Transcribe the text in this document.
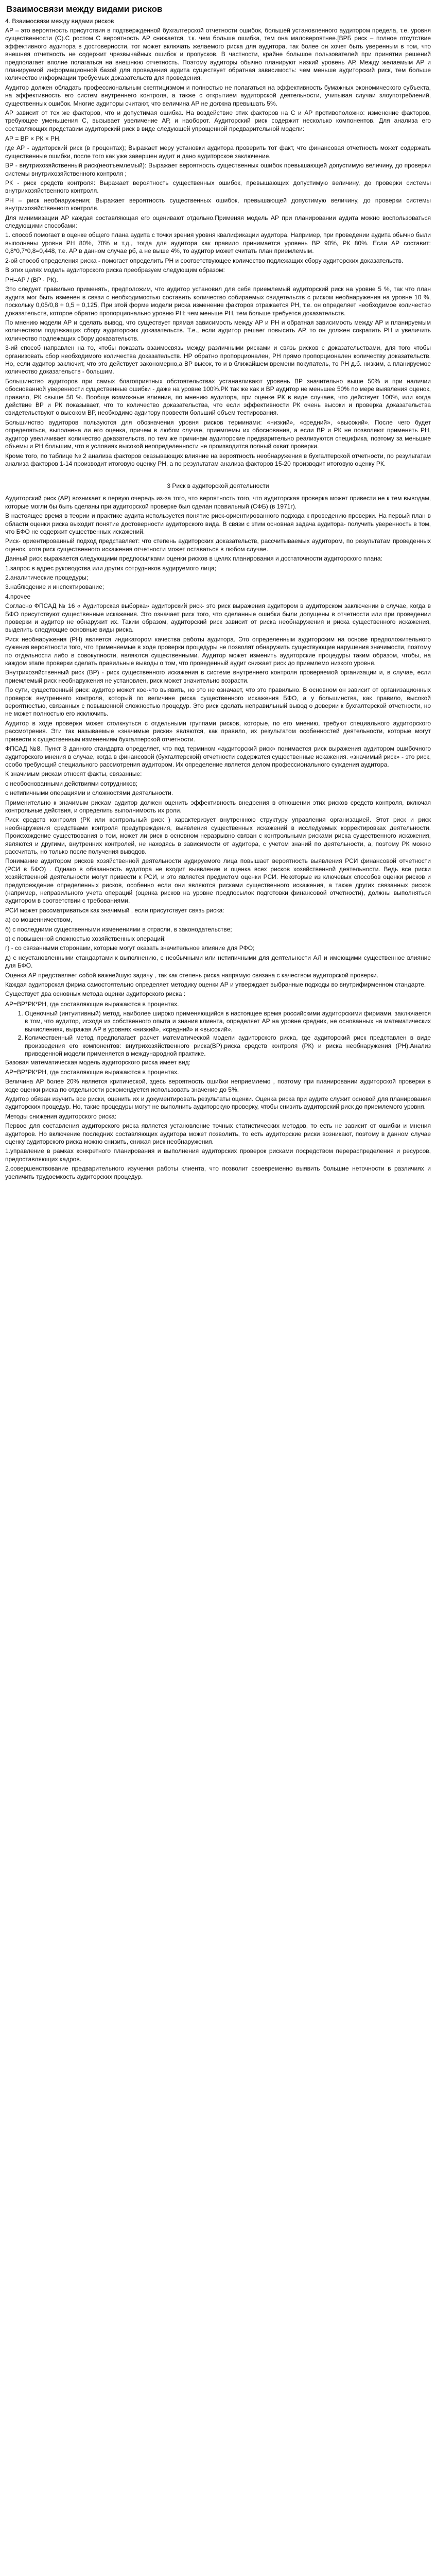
Взаимосвязи между видами рисков
4. Взаимосвязи между видами рисков
АР – это вероятность присутствия в подтвержденной бухгалтерской отчетности ошибок, большей установленного аудитором предела, т.е. уровня существенности (С).С ростом С вероятность АР снижается, т.к. чем больше ошибка, тем она маловероятнее.[ВРБ риск – полное отсутствие эффективного аудитора в достоверности, тот может включать желаемого риска для аудитора, так более он хочет быть уверенным в том, что внешняя отчетность не содержит чрезвычайных ошибок и пропусков. В частности, крайне большое пользователей при принятии решений предполагает вполне полагаться на внешнюю отчетность. Поэтому аудиторы обычно планируют низкий уровень АР. Между желаемым АР и планируемой информационной базой для проведения аудита существует обратная зависимость: чем меньше аудиторский риск, тем больше количество информации требуемых доказательств для проведения.
Аудитор должен обладать профессиональным скептицизмом и полностью не полагаться на эффективность бумажных экономического субъекта, на эффективность его систем внутреннего контроля, а также с открытием аудиторской деятельности, учитывая случаи злоупотреблений, существенных ошибок. Многие аудиторы считают, что величина АР не должна превышать 5%.
АР зависит от тех же факторов, что и допустимая ошибка. На воздействие этих факторов на С и АР противоположно: изменение факторов, требующее уменьшения С, вызывает увеличение АР, и наоборот. Аудиторский риск содержит несколько компонентов. Для анализа его составляющих представим аудиторский риск в виде следующей упрощенной предварительной модели:
АР = ВР × РК × РН.
где АР - аудиторский риск (в процентах); Выражает меру установки аудитора проверить тот факт, что финансовая отчетность может содержать существенные ошибки, после того как уже завершен аудит и дано аудиторское заключение.
ВР - внутрихозяйственный риск(неотъемлемый): Выражает вероятность существенных ошибок превышающей допустимую величину, до проверки системы внутрихозяйственного контроля ;
РК - риск средств контроля: Выражает вероятность существенных ошибок, превышающих допустимую величину, до проверки системы внутрихозяйственного контроля.
РН – риск необнаружения; Выражает вероятность существенных ошибок, превышающей допустимую величину, до проверки системы внутрихозяйственного контроля.
Для минимизации АР каждая составляющая его оценивают отдельно.Применяя модель АР при планировании аудита можно воспользоваться следующими способами:
1. способ помогает в оценке общего плана аудита с точки зрения уровня квалификации аудитора. Например, при проведении аудита обычно были выполнены уровни РН 80%, 70% и т.д., тогда для аудитора как правило принимается уровень ВР 90%, РК 80%. Если АР составит: 0,8*0,7*0,8=0,448, т.е. АР в данном случае рб, а не выше 4%, то аудитор может считать план приемлемым.
2-ой способ определения риска - помогает определить РН и соответствующее количество подлежащих сбору аудиторских доказательств.
В этих целях модель аудиторского риска преобразуем следующим образом:
РН=АР / (ВР · РК).
Это следует правильно применять, предположим, что аудитор установил для себя приемлемый аудиторский риск на уровне 5 %, так что план аудита мог быть изменен в связи с необходимостью составить количество собираемых свидетельств с риском необнаружения на уровне 10 %, поскольку 0,05/0,8 ÷ 0,5 ÷ 0,125, При этой форме модели риска изменение факторов отражается РН, т.е. он определяет необходимое количество доказательств, которое обратно пропорционально уровню РН: чем меньше РН, тем больше требуется доказательств.
По мнению модели АР и сделать вывод, что существует прямая зависимость между АР и РН и обратная зависимость между АР и планируемым количеством подлежащих сбору аудиторских доказательств. Т.е., если аудитор решает повысить АР, то он должен сократить РН и увеличить количество подлежащих сбору доказательств.
3-ий способ направлен на то, чтобы показать взаимосвязь между различными рисками и связь рисков с доказательствами, для того чтобы организовать сбор необходимого количества доказательств. НР обратно пропорционален, РН прямо пропорционален количеству доказательств. Но, если аудитор заключит, что это действует закономерно,а ВР высок, то и в ближайшем времени покупатель, то РН д.б. низким, а планируемое количество доказательств - большим.
Большинство аудиторов при самых благоприятных обстоятельствах устанавливают уровень ВР значительно выше 50% и при наличии обоснованной уверенности существенные ошибки - даже на уровне 100%.РК так же как и ВР аудитор не меньшее 50% по мере выявления оценок, правило, РК свыше 50 %. Вообще возможные влияния, по мнению аудитора, при оценке РК в виде случаев, что действует 100%, или когда действие ВР и РК показывает, что то количество доказательства, что если эффективности РК очень высоки и проверка доказательства свидетельствуют о высоком ВР, необходимо аудитору провести больший объем тестирования.
Большинство аудиторов пользуются для обозначения уровня рисков терминами: «низкий», «средний», «высокий». После чего будет определяться, выполнена ли его оценка, причем в любом случае, приемлемы их обоснования, а если ВР и РК не позволяют применять РН, аудитор увеличивает количество доказательств, по тем же причинам аудиторские предварительно реализуются специфика, поэтому за меньшие объемы и РН большим, что в условиях высокой неопределенности не производится полный охват проверки.
Кроме того, по таблице № 2 анализа факторов оказывающих влияние на вероятность необнаружения в бухгалтерской отчетности, по результатам анализа факторов 1-14 производит итоговую оценку РН, а по результатам анализа факторов 15-20 производит итоговую оценку РК.
3 Риск в аудиторской деятельности
Аудиторский риск (АР) возникает в первую очередь из-за того, что вероятность того, что аудиторская проверка может привести не к тем выводам, которые могли бы быть сделаны при аудиторской проверке был сделан правильный (СФБ) (в 1971г).
В настоящее время в теории и практике аудита используется понятие риск-ориентированного подхода к проведению проверки. На первый план в области оценки риска выходит понятие достоверности аудиторского вида. В связи с этим основная задача аудитора- получить уверенность в том, что БФО не содержит существенных искажений.
Риск- ориентированный подход представляет: что степень аудиторских доказательств, рассчитываемых аудитором, по результатам проведенных оценок, хотя риск существенного искажения отчетности может оставаться в любом случае.
Данный риск выражается следующими предпосылками оценки рисков в целях планирования и достаточности аудиторского плана:
1.запрос в адрес руководства или других сотрудников аудируемого лица;
2.аналитические процедуры;
3.наблюдение и инспектирование;
4.прочее
Согласно ФПСАД № 16 « Аудиторская выборка» аудиторский риск- это риск выражения аудитором в аудиторском заключении в случае, когда в БФО присутствуют существенные искажения. Это означает риск того, что сделанные ошибки были допущены в отчетности или при проведении проверки и аудитор не обнаружит их. Таким образом, аудиторский риск зависит от риска необнаружения и риска существенного искажения, выделить следующие основные виды риска.
Риск необнаружения (РН) является индикатором качества работы аудитора. Это определенным аудиторским на основе предположительного сужения вероятности того, что применяемые в ходе проверки процедуры не позволят обнаружить существующие нарушения значимости, поэтому по отдельности либо в совокупности, являются существенными. Аудитор может изменить аудиторские процедуры таким образом, чтобы, на каждом этапе проверки сделать правильные выводы о том, что проведенный аудит снижает риск до приемлемо низкого уровня.
Внутрихозяйственный риск (ВР) - риск существенного искажения в системе внутреннего контроля проверяемой организации и, в случае, если приемлемый риск необнаружения не установлен, риск может значительно возрасти.
По сути, существенный риск: аудитор может кое-что выявить, но это не означает, что это правильно. В основном он зависит от организационных проверок внутреннего контроля, который по величине риска существенного искажения БФО, а у большинства, как правило, высокой вероятностью, связанных с повышенной сложностью процедур. Это риск сделать неправильный вывод о доверии к бухгалтерской отчетности, но не может полностью его исключить.
Аудитор в ходе проверки может столкнуться с отдельными группами рисков, которые, по его мнению, требуют специального аудиторского рассмотрения. Эти так называемые «значимые риски» являются, как правило, их результатом особенностей деятельности, которые могут привести к существенным изменениям бухгалтерской отчетности.
ФПСАД №8. Пункт 3 данного стандарта определяет, что под термином «аудиторский риск» понимается риск выражения аудитором ошибочного аудиторского мнения в случае, когда в финансовой (бухгалтерской) отчетности содержатся существенные искажения. «значимый риск» - это риск, особо требующий специального рассмотрения аудитором. Их определение является делом профессионального суждения аудитора.
К значимым рискам относят факты, связанные:
с необоснованными действиями сотрудников;
с нетипичными операциями и сложностями деятельности.
Применительно к значимым рискам аудитор должен оценить эффективность внедрения в отношении этих рисков средств контроля, включая контрольные действия, и определить выполнимость их роли.
Риск средств контроля (РК или контрольный риск ) характеризует внутреннюю структуру управления организацией. Этот риск и риск необнаружения средствами контроля предупреждения, выявления существенных искажений в исследуемых корректировках деятельности. Происхождение существования о том, может ли риск в основном неразрывно связан с контрольными рисками риска существенного искажения, являются и другими, внутренних контролей, не находясь в зависимости от аудитора, с учетом знаний по деятельности, а, поэтому РК можно рассчитать, но только после получения выводов.
Понимание аудитором рисков хозяйственной деятельности аудируемого лица повышает вероятность выявления РСИ финансовой отчетности (РСИ в БФО) . Однако в обязанность аудитора не входит выявление и оценка всех рисков хозяйственной деятельности. Ведь все риски хозяйственной деятельности могут привести к РСИ, и это является предметом оценки РСИ. Некоторые из ключевых способов оценки рисков и предупреждение определенных рисков, особенно если они являются рисками существенного искажения, а также других связанных рисков (например, неправильного учета операций (оценка рисков на уровне предпосылок подготовки финансовой отчетности), должны выполняться аудитором в соответствии с требованиями.
РСИ может рассматриваться как значимый , если присутствует связь риска:
а) со мошенничеством,
б) с последними существенными изменениями в отрасли, в законодательстве;
в) с повышенной сложностью хозяйственных операций;
г) - со связанными сторонами, которые могут оказать значительное влияние для РФО;
д) с неустановленными стандартами к выполнению, с необычными или нетипичными для деятельности АЛ и имеющими существенное влияние для БФО.
Оценка АР представляет собой важнейшую задачу , так как степень риска напрямую связана с качеством аудиторской проверки.
Каждая аудиторская фирма самостоятельно определяет методику оценки АР и утверждает выбранные подходы во внутрифирменном стандарте.
Существует два основных метода оценки аудиторского риска :
АР=ВР*РК*РН, где составляющие выражаются в процентах.
1. Оценочный (интуитивный) метод, наиболее широко применяющийся в настоящее время российскими аудиторскими фирмами, заключается в том, что аудитор, исходя из собственного опыта и знания клиента, определяет АР на уровне средних, не основанных на математических вычислениях, выражая АР в уровнях «низкий», «средний» и «высокий».
2. Количественный метод предполагает расчет математической модели аудиторского риска, где аудиторский риск представлен в виде произведения его компонентов: внутрихозяйственного риска(ВР),риска средств контроля (РК) и риска необнаружения (РН).Анализ приведенной модели применяется в международной практике.
Базовая математическая модель аудиторского риска имеет вид:
АР=ВР*РК*РН, где составляющие выражаются в процентах.
Величина АР более 20% является критической, здесь вероятность ошибки неприемлемо , поэтому при планировании аудиторской проверки в ходе оценки риска по отдельности рекомендуется использовать значение до 5%.
Аудитор обязан изучить все риски, оценить их и документировать результаты оценки. Оценка риска при аудите служит основой для планирования аудиторских процедур. Но, такие процедуры могут не выполнить аудиторскую проверку, чтобы снизить аудиторский риск до приемлемого уровня.
Методы снижения аудиторского риска:
Первое для составления аудиторского риска является установление точных статистических методов, то есть не зависит от ошибки и мнения аудиторов. Но включение последних составляющих аудитора может позволить, то есть аудиторские риски возникают, поэтому в данном случае оценку аудиторского риска можно снизить, снижая риск необнаружения.
1.управление в рамках конкретного планирования и выполнения аудиторских проверок рисками посредством перераспределения и ресурсов, предоставляющих кадров.
2.совершенствование предварительного изучения работы клиента, что позволит своевременно выявить большие неточности в различиях и увеличить трудоемкость аудиторских процедур.
